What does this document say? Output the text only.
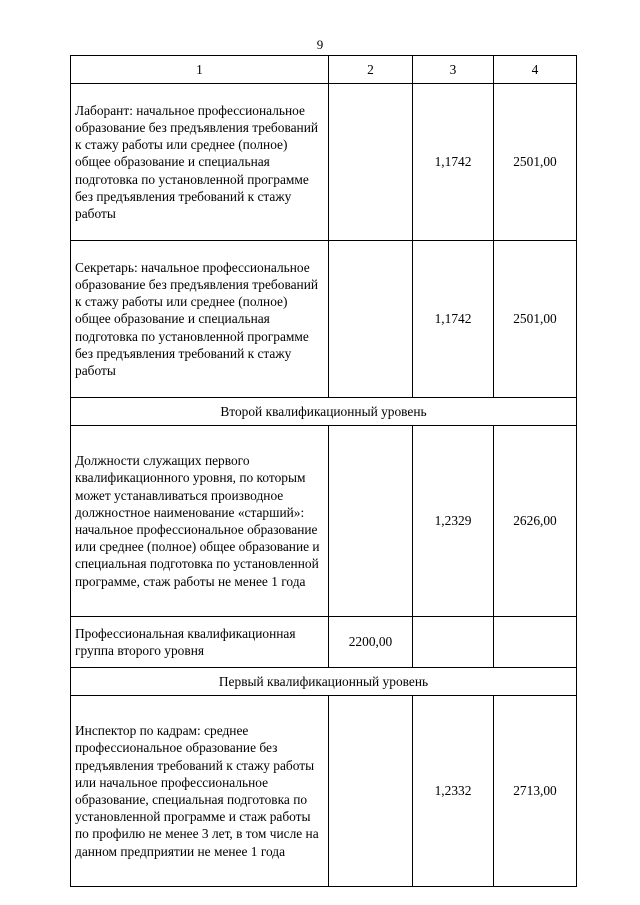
9
1	2	3	4
Лаборант: начальное профессиональное образование без предъявления требований к стажу работы или среднее (полное) общее образование и специальная подготовка по установленной программе без предъявления требований к стажу работы		1,1742	2501,00
Секретарь: начальное профессиональное образование без предъявления требований к стажу работы или среднее (полное) общее образование и специальная подготовка по установленной программе без предъявления требований к стажу работы		1,1742	2501,00
Второй квалификационный уровень			
Должности служащих первого квалификационного уровня, по которым может устанавливаться производное должностное наименование «старший»: начальное профессиональное образование или среднее (полное) общее образование и специальная подготовка по установленной программе, стаж работы не менее 1 года		1,2329	2626,00
Профессиональная квалификационная группа второго уровня	2200,00		
Первый квалификационный уровень			
Инспектор по кадрам: среднее профессиональное образование без предъявления требований к стажу работы или начальное профессиональное образование, специальная подготовка по установленной программе и стаж работы по профилю не менее 3 лет, в том числе на данном предприятии не менее 1 года		1,2332	2713,00
